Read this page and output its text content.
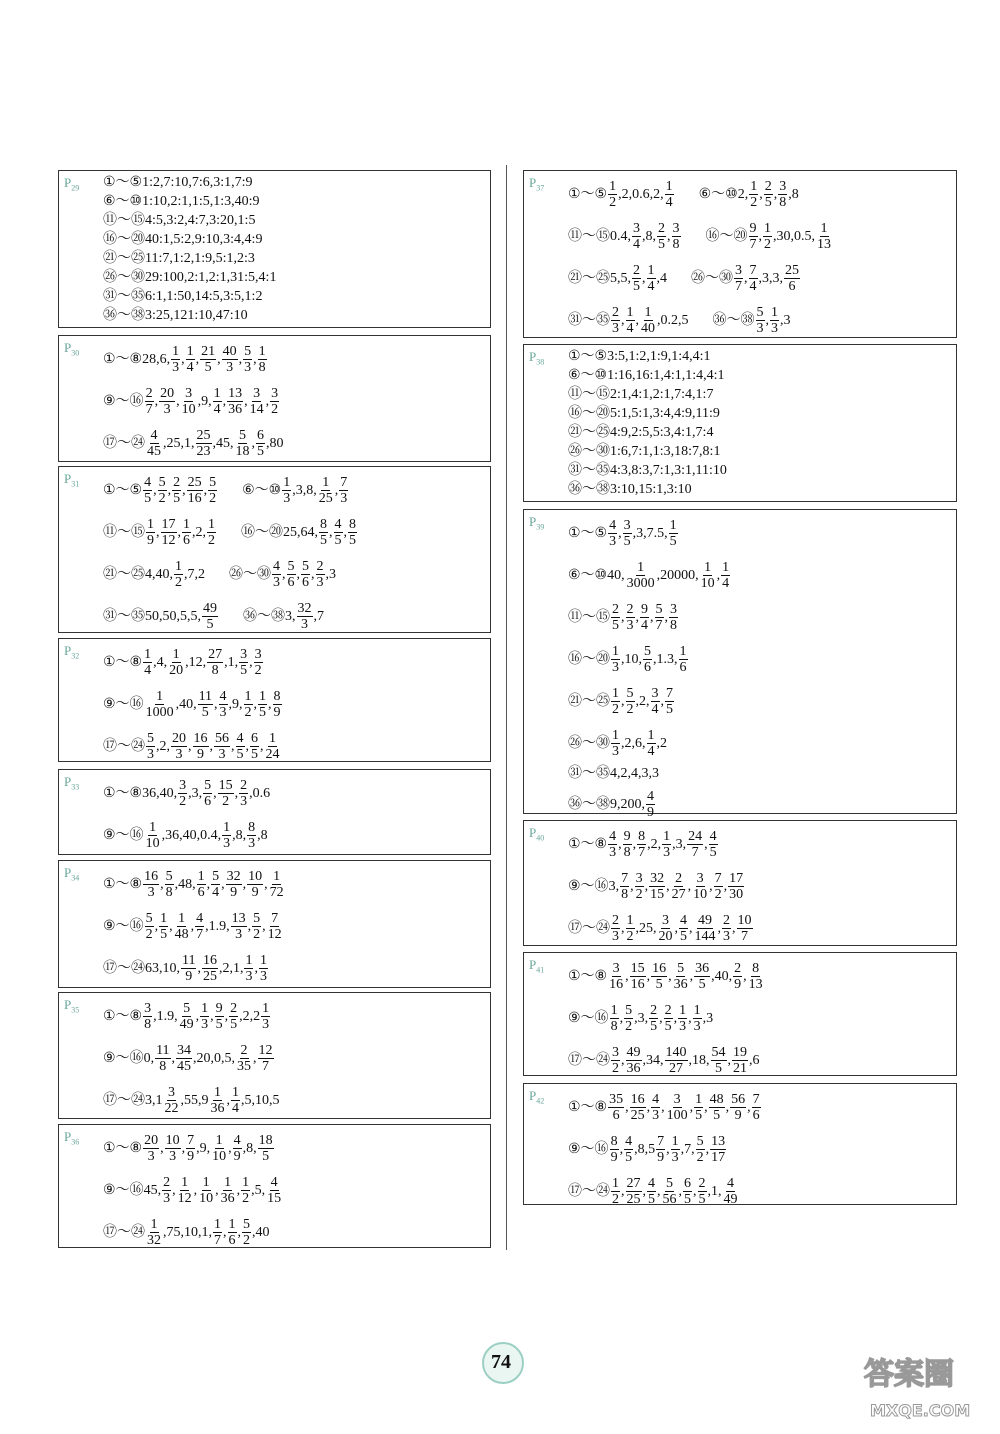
$P_{29}$ ①～⑤ 1:2,7:10,7:6,3:1,7:9
⑥～⑩ 1:10,2:1,1:5,1:3,40:9
⑪～⑮ 4:5,3:2,4:7,3:20,1:5
⑯～⑳ 40:1,5:2,9:10,3:4,4:9
㉑～㉕ 11:7,1:2,1:9,5:1,2:3
㉖～㉚ 29:100,2:1,2:1,31:5,4:1
㉛～㉟ 6:1,1:50,14:5,3:5,1:2
㊱～㊳ 3:25,121:10,47:10
$P_{30}$ ①～⑧ 28,6, $\frac{1}{3}$ , $\frac{1}{4}$ , $\frac{21}{5}$ , $\frac{40}{3}$ , $\frac{5}{3}$ , $\frac{1}{8}$
⑨～⑯ $\frac{2}{7}$ , $\frac{20}{3}$ , $\frac{3}{10} ,9$, $\frac{1}{4}$ , $\frac{13}{36}$ , $\frac{3}{14}$ , $\frac{3}{2}$
⑰～㉔ $\frac{4}{45} ,25,1$, $\frac{25}{23} ,45$, $\frac{5}{18}$ , $\frac{6}{5} ,80$
$P_{31}$ ①～⑤ $\frac{4}{5}$ , $\frac{5}{2}$ , $\frac{2}{5}$ , $\frac{25}{16}$ , $\frac{5}{2}$ ⑥～⑩ $\frac{1}{3} ,3,8$, $\frac{1}{25}$ , $\frac{7}{3}$
⑪～⑮ $\frac{1}{9}$ , $\frac{17}{12}$ , $\frac{1}{6} ,2$, $\frac{1}{2}$ ⑯～⑳ 25,64, $\frac{8}{5}$ , $\frac{4}{5}$ , $\frac{8}{5}$
㉑～㉕ 4,40, $\frac{1}{2} ,7,2$ ㉖～㉚ $\frac{4}{3}$ , $\frac{5}{6}$ , $\frac{5}{6}$ , $\frac{2}{3} ,3$
㉛～㉟ 50,50,5,5, $\frac{49}{5}$ ㊱～㊳ 3, $\frac{32}{3} ,7$
$P_{32}$ ①～⑧ $\frac{1}{4} ,4$, $\frac{1}{20} ,12$, $\frac{27}{8} ,1$, $\frac{3}{5}$ , $\frac{3}{2}$
⑨～⑯ $\frac{1}{1000} ,40$, $\frac{11}{5}$ , $\frac{4}{3} ,9$, $\frac{1}{2}$ , $\frac{1}{5}$ , $\frac{8}{9}$
⑰～㉔ $\frac{5}{3} ,2$, $\frac{20}{3}$ , $\frac{16}{9}$ , $\frac{56}{3}$ , $\frac{4}{5}$ , $\frac{6}{5}$ , $\frac{1}{24}$
$P_{33}$ ①～⑧ 36,40, $\frac{3}{2} ,3$, $\frac{5}{6}$ , $\frac{15}{2}$ , $\frac{2}{3} ,0.6$
⑨～⑯ $\frac{1}{10} ,36,40,0.4$, $\frac{1}{3} ,8$, $\frac{8}{3} ,8$
$P_{34}$ ①～⑧ $\frac{16}{3}$ , $\frac{5}{8} ,48$, $\frac{1}{6}$ , $\frac{5}{4}$ , $\frac{32}{9}$ , $\frac{10}{9}$ , $\frac{1}{72}$
⑨～⑯ $\frac{5}{2}$ , $\frac{1}{5}$ , $\frac{1}{48}$ , $\frac{4}{7} ,1.9$, $\frac{13}{3}$ , $\frac{5}{2}$ , $\frac{7}{12}$
⑰～㉔ 63,10, $\frac{11}{9}$ , $\frac{16}{25} ,2,1$, $\frac{1}{3}$ , $\frac{1}{3}$
$P_{35}$ ①～⑧ $\frac{3}{8} ,1.9$, $\frac{5}{49}$ , $\frac{1}{3}$ , $\frac{9}{5}$ , $\frac{2}{5} ,2,2 \frac{1}{3}$
⑨～⑯ 0, $\frac{11}{8}$ , $\frac{34}{45} ,20,0,5$, $\frac{2}{35}$ , $\frac{12}{7}$
⑰～㉔ $3,1 \frac{3}{22} ,55,9 \frac{1}{36}$ , $\frac{1}{4} ,5,10,5$
$P_{36}$ ①～⑧ $\frac{20}{3}$ , $\frac{10}{3}$ , $\frac{7}{9} ,9$, $\frac{1}{10}$ , $\frac{4}{9} ,8$, $\frac{18}{5}$
⑨～⑯ 45, $\frac{2}{3}$ , $\frac{1}{12}$ , $\frac{1}{10}$ , $\frac{1}{36}$ , $\frac{1}{2} ,5$, $\frac{4}{15}$
⑰～㉔ $\frac{1}{32} ,75,10,1$, $\frac{1}{7}$ , $\frac{1}{6}$ , $\frac{5}{2} ,40$
$P_{37}$ ①～⑤ $\frac{1}{2} ,2,0.6,2$, $\frac{1}{4}$ ⑥～⑩ 2, $\frac{1}{2}$ , $\frac{2}{5}$ , $\frac{3}{8} ,8$
⑪～⑮ 0.4, $\frac{3}{4} ,8$, $\frac{2}{5}$ , $\frac{3}{8}$ ⑯～⑳ $\frac{9}{7}$ , $\frac{1}{2} ,30,0.5$, $\frac{1}{13}$
㉑～㉕ 5,5, $\frac{2}{5}$ , $\frac{1}{4} ,4$ ㉖～㉚ $\frac{3}{7}$ , $\frac{7}{4} ,3,3$, $\frac{25}{6}$
㉛～㉟ $\frac{2}{3}$ , $\frac{1}{4}$ , $\frac{1}{40} ,0.2,5$ ㊱～㊳ $\frac{5}{3}$ , $\frac{1}{3} ,3$
$P_{38}$ ①～⑤ 3:5,1:2,1:9,1:4,4:1
⑥～⑩ 1:16,16:1,4:1,1:4,4:1
⑪～⑮ 2:1,4:1,2:1,7:4,1:7
⑯～⑳ 5:1,5:1,3:4,4:9,11:9
㉑～㉕ 4:9,2:5,5:3,4:1,7:4
㉖～㉚ 1:6,7:1,1:3,18:7,8:1
㉛～㉟ 4:3,8:3,7:1,3:1,11:10
㊱～㊳ 3:10,15:1,3:10
$P_{39}$ ①～⑤ $\frac{4}{3}$ , $\frac{3}{5} ,3,7.5$, $\frac{1}{5}$
⑥～⑩ 40, $\frac{1}{3000} ,20000$, $\frac{1}{10}$ , $\frac{1}{4}$
⑪～⑮ $\frac{2}{5}$ , $\frac{2}{3}$ , $\frac{9}{4}$ , $\frac{5}{7}$ , $\frac{3}{8}$
⑯～⑳ $\frac{1}{3} ,10$, $\frac{5}{6} ,1.3$, $\frac{1}{6}$
㉑～㉕ $\frac{1}{2}$ , $\frac{5}{2} ,2$, $\frac{3}{4}$ , $\frac{7}{5}$
㉖～㉚ $\frac{1}{3} ,2,6$, $\frac{1}{4} ,2$
㉛～㉟ 4,2,4,3,3
㊱～㊳ 9,200, $\frac{4}{9}$
$P_{40}$ ①～⑧ $\frac{4}{3}$ , $\frac{9}{8}$ , $\frac{8}{7} ,2$, $\frac{1}{3} ,3$, $\frac{24}{7}$ , $\frac{4}{5}$
⑨～⑯ 3, $\frac{7}{8}$ , $\frac{3}{2}$ , $\frac{32}{15}$ , $\frac{2}{27}$ , $\frac{3}{10}$ , $\frac{7}{2}$ , $\frac{17}{30}$
⑰～㉔ $\frac{2}{3}$ , $\frac{1}{2} ,25$, $\frac{3}{20}$ , $\frac{4}{5}$ , $\frac{49}{144}$ , $\frac{2}{3}$ , $\frac{10}{7}$
$P_{41}$ ①～⑧ $\frac{3}{16}$ , $\frac{15}{16}$ , $\frac{16}{5}$ , $\frac{5}{36}$ , $\frac{36}{5} ,40$, $\frac{2}{9}$ , $\frac{8}{13}$
⑨～⑯ $\frac{1}{8}$ , $\frac{5}{2} ,3$, $\frac{2}{5}$ , $\frac{2}{5}$ , $\frac{1}{3}$ , $\frac{1}{3} ,3$
⑰～㉔ $\frac{3}{2}$ , $\frac{49}{36} ,34$, $\frac{140}{27} ,18$, $\frac{54}{5}$ , $\frac{19}{21} ,6$
$P_{42}$ ①～⑧ $\frac{35}{6}$ , $\frac{16}{25}$ , $\frac{4}{3}$ , $\frac{3}{100}$ , $\frac{1}{5}$ , $\frac{48}{5}$ , $\frac{56}{9}$ , $\frac{7}{6}$
⑨～⑯ $\frac{8}{9}$ , $\frac{4}{5} ,8,5 \frac{7}{9}$ , $\frac{1}{3} ,7$, $\frac{5}{2}$ , $\frac{13}{17}$
⑰～㉔ $\frac{1}{2}$ , $\frac{27}{25}$ , $\frac{4}{5}$ , $\frac{5}{56}$ , $\frac{6}{5}$ , $\frac{2}{5} ,1$, $\frac{4}{49}$
74	答案圈
MXQE.COM
